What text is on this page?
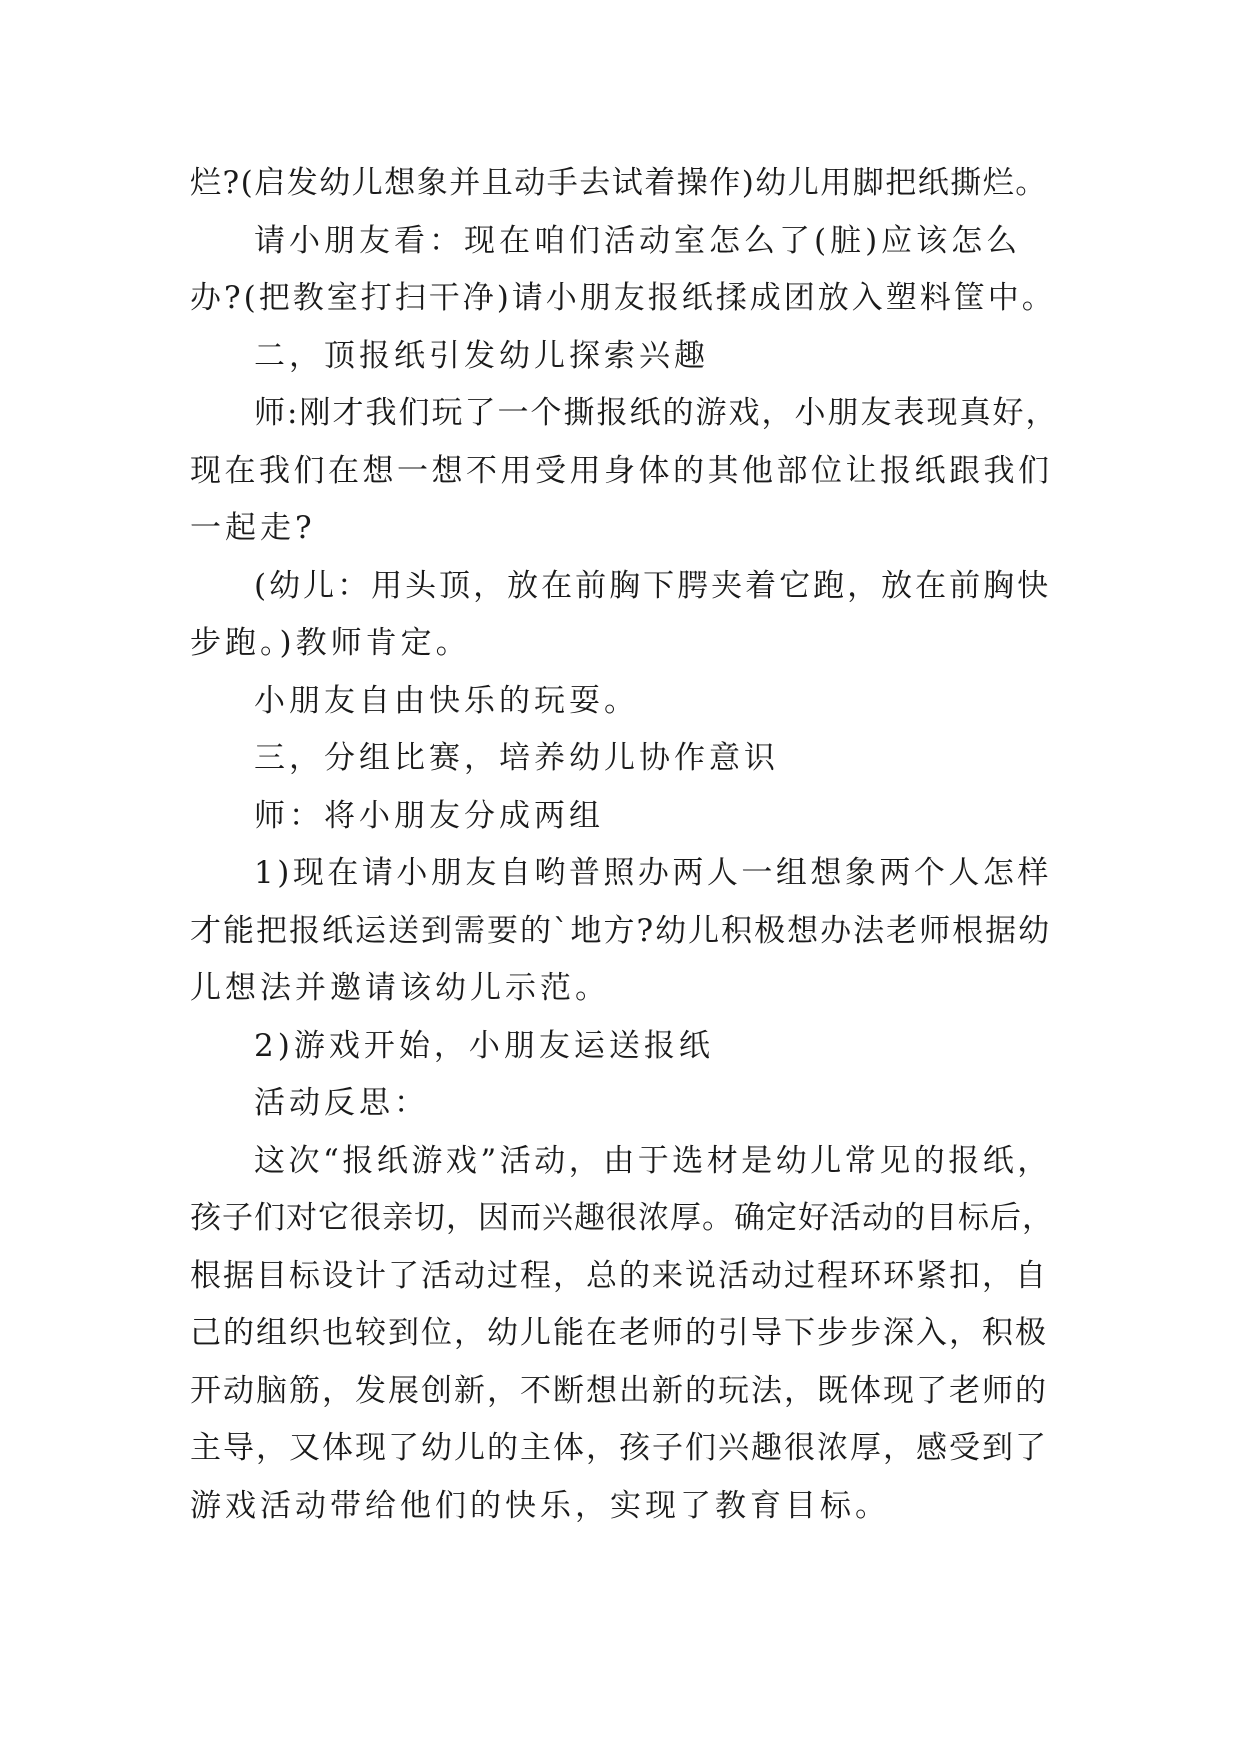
烂?(启发幼儿想象并且动手去试着操作)幼儿用脚把纸撕烂。
请小朋友看：现在咱们活动室怎么了(脏)应该怎么
办?(把教室打扫干净)请小朋友报纸揉成团放入塑料筐中。
二，顶报纸引发幼儿探索兴趣
师:刚才我们玩了一个撕报纸的游戏，小朋友表现真好，
现在我们在想一想不用受用身体的其他部位让报纸跟我们
一起走?
(幼儿：用头顶，放在前胸下腭夹着它跑，放在前胸快
步跑。)教师肯定。
小朋友自由快乐的玩耍。
三，分组比赛，培养幼儿协作意识
师：将小朋友分成两组
1)现在请小朋友自哟普照办两人一组想象两个人怎样
才能把报纸运送到需要的`地方?幼儿积极想办法老师根据幼
儿想法并邀请该幼儿示范。
2)游戏开始，小朋友运送报纸
活动反思：
这次“报纸游戏”活动，由于选材是幼儿常见的报纸，
孩子们对它很亲切，因而兴趣很浓厚。确定好活动的目标后，
根据目标设计了活动过程，总的来说活动过程环环紧扣，自
己的组织也较到位，幼儿能在老师的引导下步步深入，积极
开动脑筋，发展创新，不断想出新的玩法，既体现了老师的
主导，又体现了幼儿的主体，孩子们兴趣很浓厚，感受到了
游戏活动带给他们的快乐，实现了教育目标。
